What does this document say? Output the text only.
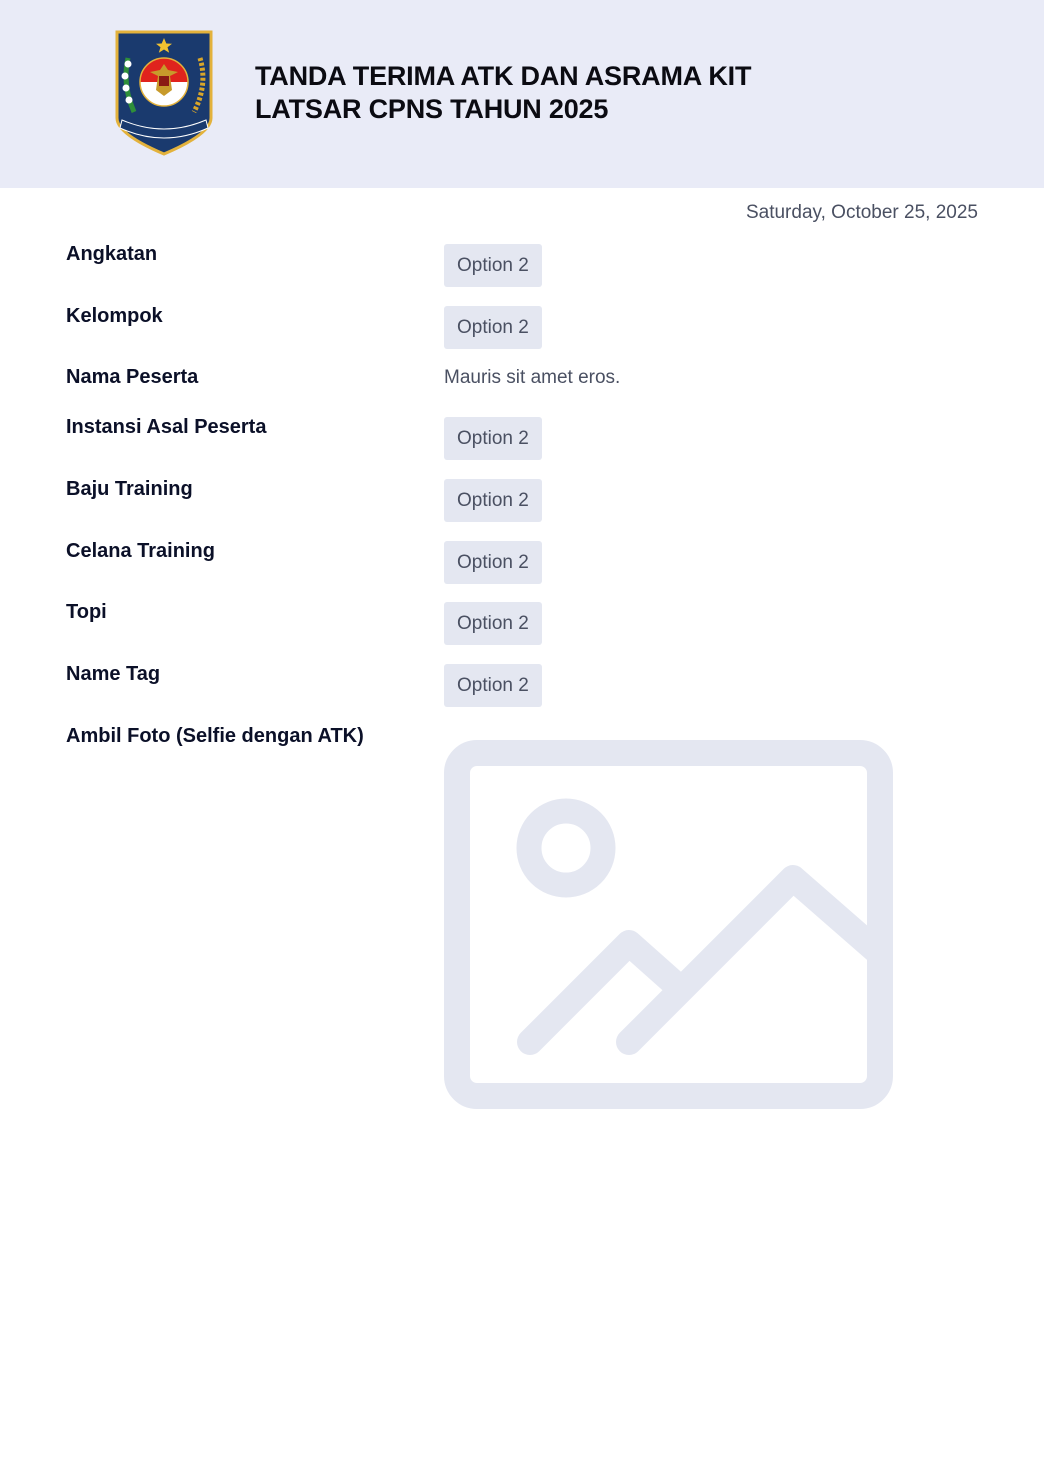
TANDA TERIMA ATK DAN ASRAMA KIT
LATSAR CPNS TAHUN 2025
Saturday, October 25, 2025
Angkatan
Option 2
Kelompok
Option 2
Nama Peserta	Mauris sit amet eros.
Instansi Asal Peserta
Option 2
Baju Training
Option 2
Celana Training
Option 2
Topi
Option 2
Name Tag
Option 2
Ambil Foto (Selfie dengan ATK)
